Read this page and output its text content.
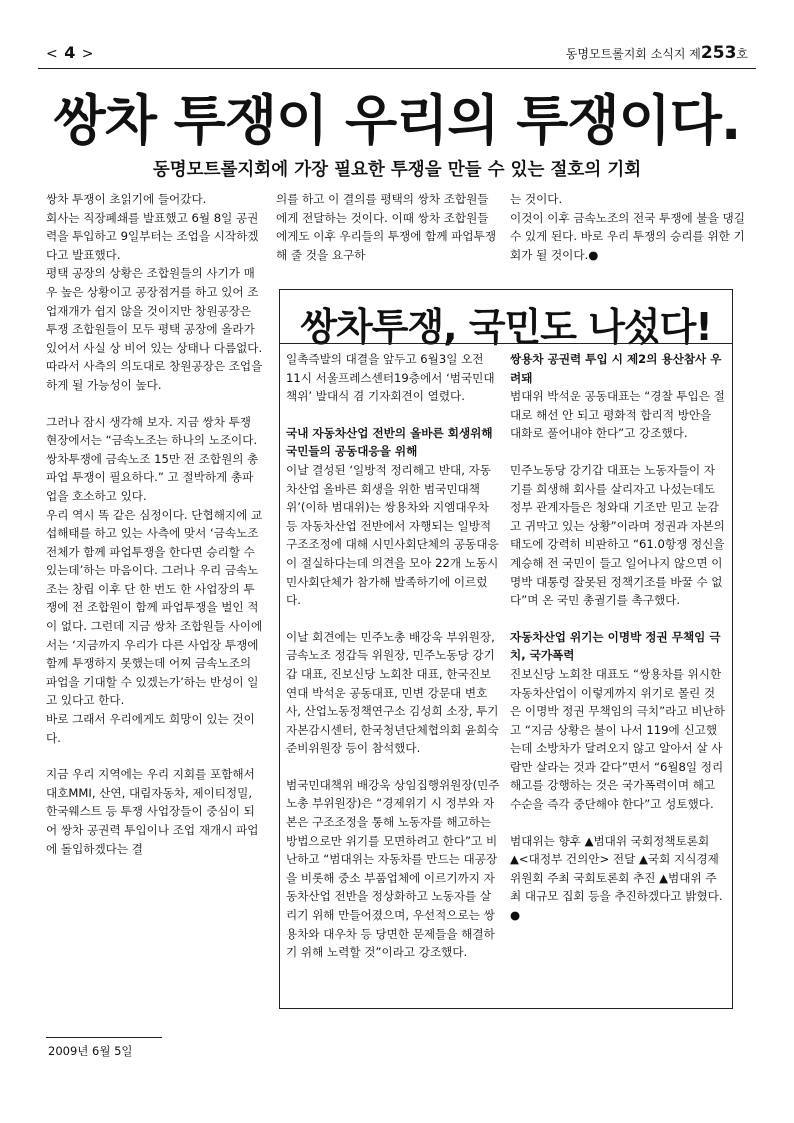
< 4 >	동명모트롤지회 소식지 제253호
쌍차 투쟁이 우리의 투쟁이다.
동명모트롤지회에 가장 필요한 투쟁을 만들 수 있는 절호의 기회

쌍차 투쟁이 초읽기에 들어갔다.

회사는 직장폐쇄를 발표했고 6월 8일 공권력을 투입하고 9일부터는 조업을 시작하겠다고 발표했다.

평택 공장의 상황은 조합원들의 사기가 매우 높은 상황이고 공장점거를 하고 있어 조업재개가 쉽지 않을 것이지만 창원공장은 투쟁 조합원들이 모두 평택 공장에 올라가 있어서 사실 상 비어 있는 상태나 다름없다. 따라서 사측의 의도대로 창원공장은 조업을 하게 될 가능성이 높다.

그러나 잠시 생각해 보자. 지금 쌍차 투쟁 현장에서는 “금속노조는 하나의 노조이다. 쌍차투쟁에 금속노조 15만 전 조합원의 총파업 투쟁이 필요하다.” 고 절박하게 총파업을 호소하고 있다.

우리 역시 똑 같은 심정이다. 단협해지에 교섭해태를 하고 있는 사측에 맞서 ‘금속노조 전체가 함께 파업투쟁을 한다면 승리할 수 있는데’하는 마음이다. 그러나 우리 금속노조는 창립 이후 단 한 번도 한 사업장의 투쟁에 전 조합원이 함께 파업투쟁을 벌인 적이 없다. 그런데 지금 쌍차 조합원들 사이에서는 ‘지금까지 우리가 다른 사업장 투쟁에 함께 투쟁하지 못했는데 어찌 금속노조의 파업을 기대할 수 있겠는가’하는 반성이 일고 있다고 한다.

바로 그래서 우리에게도 희망이 있는 것이다.

지금 우리 지역에는 우리 지회를 포함해서 대호MMI, 산연, 대림자동차, 제이티정밀, 한국웨스트 등 투쟁 사업장들이 중심이 되어 쌍차 공권력 투입이나 조업 재개시 파업에 돌입하겠다는 결

의를 하고 이 결의를 평택의 쌍차 조합원들에게 전달하는 것이다. 이때 쌍차 조합원들에게도 이후 우리들의 투쟁에 함께 파업투쟁해 줄 것을 요구하

는 것이다.

이것이 이후 금속노조의 전국 투쟁에 불을 댕길 수 있게 된다. 바로 우리 투쟁의 승리를 위한 기회가 될 것이다.●

쌍차투쟁, 국민도 나섰다!

일촉즉발의 대결을 앞두고 6월3일 오전 11시 서울프레스센터19층에서 ‘범국민대책위’ 발대식 겸 기자회견이 열렸다.

국내 자동차산업 전반의 올바른 회생위해 국민들의 공동대응을 위해

이날 결성된 ‘일방적 정리해고 반대, 자동차산업 올바른 회생을 위한 범국민대책위’(이하 범대위)는 쌍용차와 지엠대우차 등 자동차산업 전반에서 자행되는 일방적 구조조정에 대해 시민사회단체의 공동대응이 절실하다는데 의견을 모아 22개 노동시민사회단체가 참가해 발족하기에 이르렀다.

이날 회견에는 민주노총 배강욱 부위원장, 금속노조 정갑득 위원장, 민주노동당 강기갑 대표, 진보신당 노회찬 대표, 한국진보연대 박석운 공동대표, 민변 강문대 변호사, 산업노동정책연구소 김성희 소장, 투기자본감시센터, 한국청년단체협의회 윤희숙 준비위원장 등이 참석했다.

범국민대책위 배강욱 상임집행위원장(민주노총 부위원장)은 “경제위기 시 정부와 자본은 구조조정을 통해 노동자를 해고하는 방법으로만 위기를 모면하려고 한다”고 비난하고 “범대위는 자동차를 만드는 대공장을 비롯해 중소 부품업체에 이르기까지 자동차산업 전반을 정상화하고 노동자를 살리기 위해 만들어졌으며, 우선적으로는 쌍용차와 대우차 등 당면한 문제들을 해결하기 위해 노력할 것”이라고 강조했다.

쌍용차 공권력 투입 시 제2의 용산참사 우려돼

범대위 박석운 공동대표는 “경찰 투입은 절대로 해선 안 되고 평화적 합리적 방안을 대화로 풀어내야 한다”고 강조했다.

민주노동당 강기갑 대표는 노동자들이 자기를 희생해 회사를 살리자고 나섰는데도 정부 관계자들은 청와대 기조만 믿고 눈감고 귀막고 있는 상황”이라며 정권과 자본의 태도에 강력히 비판하고 “61.0항쟁 정신을 계승해 전 국민이 들고 일어나지 않으면 이명박 대통령 잘못된 정책기조를 바꿀 수 없다”며 온 국민 총궐기를 촉구했다.

자동차산업 위기는 이명박 정권 무책임 극치, 국가폭력

진보신당 노회찬 대표도 “쌍용차를 위시한 자동차산업이 이렇게까지 위기로 몰린 것은 이명박 정권 무책임의 극치”라고 비난하고 “지금 상황은 불이 나서 119에 신고했는데 소방차가 달려오지 않고 알아서 살 사람만 살라는 것과 같다”면서 “6월8일 정리해고를 강행하는 것은 국가폭력이며 해고 수순을 즉각 중단해야 한다”고 성토했다.

범대위는 향후 ▲범대위 국회정책토론회 ▲<대정부 건의안> 전달 ▲국회 지식경제위원회 주최 국회토론회 추진 ▲범대위 주최 대규모 집회 등을 추진하겠다고 밝혔다. ●

2009년 6월 5일
